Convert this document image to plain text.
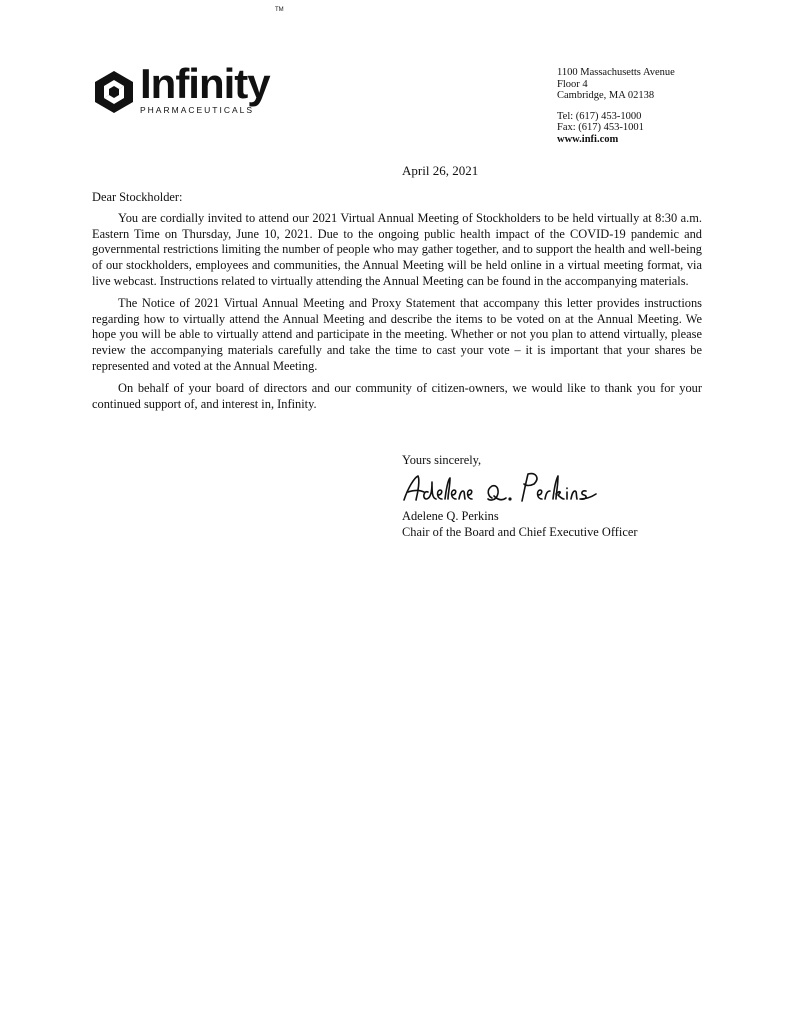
Infinity
PHARMACEUTICALS
TM
1100 Massachusetts Avenue
Floor 4
Cambridge, MA 02138
Tel: (617) 453-1000
Fax: (617) 453-1001
www.infi.com
April 26, 2021

Dear Stockholder:

You are cordially invited to attend our 2021 Virtual Annual Meeting of Stockholders to be held virtually at 8:30 a.m. Eastern Time on Thursday, June 10, 2021. Due to the ongoing public health impact of the COVID-19 pandemic and governmental restrictions limiting the number of people who may gather together, and to support the health and well-being of our stockholders, employees and communities, the Annual Meeting will be held online in a virtual meeting format, via live webcast. Instructions related to virtually attending the Annual Meeting can be found in the accompanying materials.

The Notice of 2021 Virtual Annual Meeting and Proxy Statement that accompany this letter provides instructions regarding how to virtually attend the Annual Meeting and describe the items to be voted on at the Annual Meeting. We hope you will be able to virtually attend and participate in the meeting. Whether or not you plan to attend virtually, please review the accompanying materials carefully and take the time to cast your vote – it is important that your shares be represented and voted at the Annual Meeting.

On behalf of your board of directors and our community of citizen-owners, we would like to thank you for your continued support of, and interest in, Infinity.

Yours sincerely,
Adelene Q. Perkins
Chair of the Board and Chief Executive Officer
